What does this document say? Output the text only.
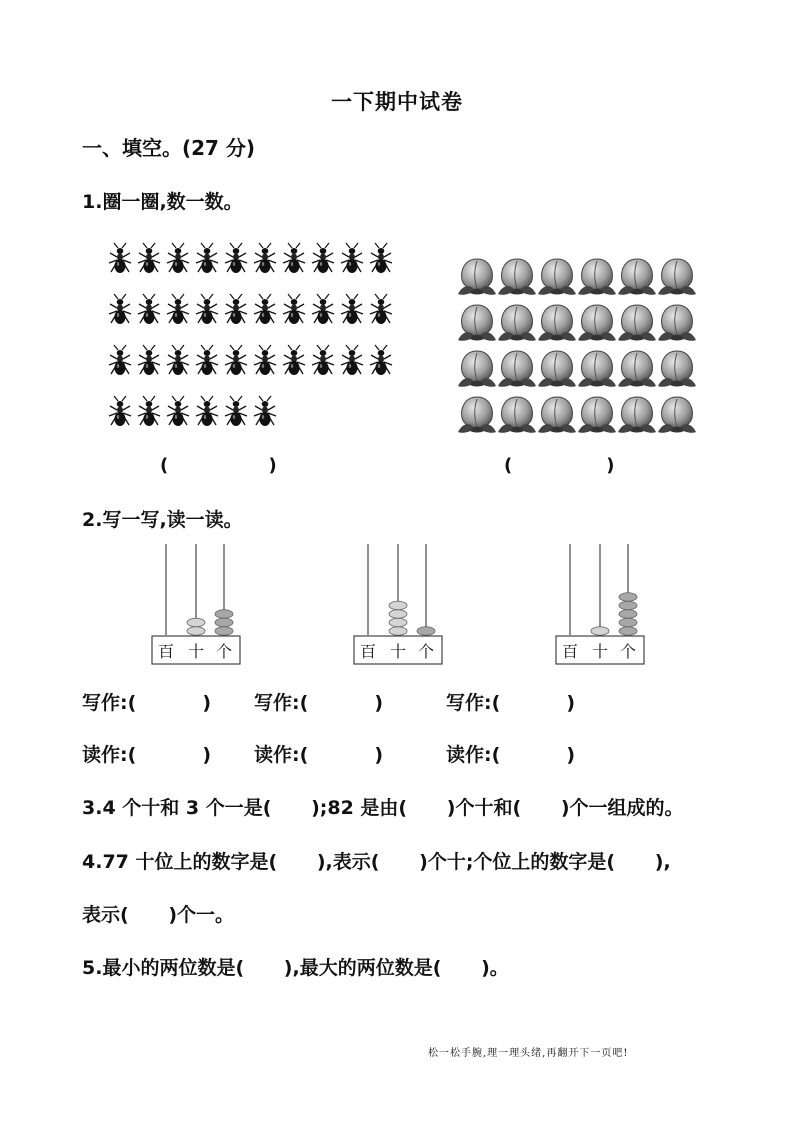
一下期中试卷
一、填空。(27 分)
1.圈一圈,数一数。
(                )	(               )
2.写一写,读一读。
百 十 个	百 十 个	百 十 个
写作:(          ) 写作:(          )	写作:(          )
读作:(          ) 读作:(          )	读作:(          )
3.4 个十和 3 个一是(      );82 是由(      )个十和(      )个一组成的。
4.77 十位上的数字是(      ),表示(      )个十;个位上的数字是(      ),
表示(      )个一。
5.最小的两位数是(      ),最大的两位数是(      )。
松一松手腕,理一理头绪,再翻开下一页吧!
